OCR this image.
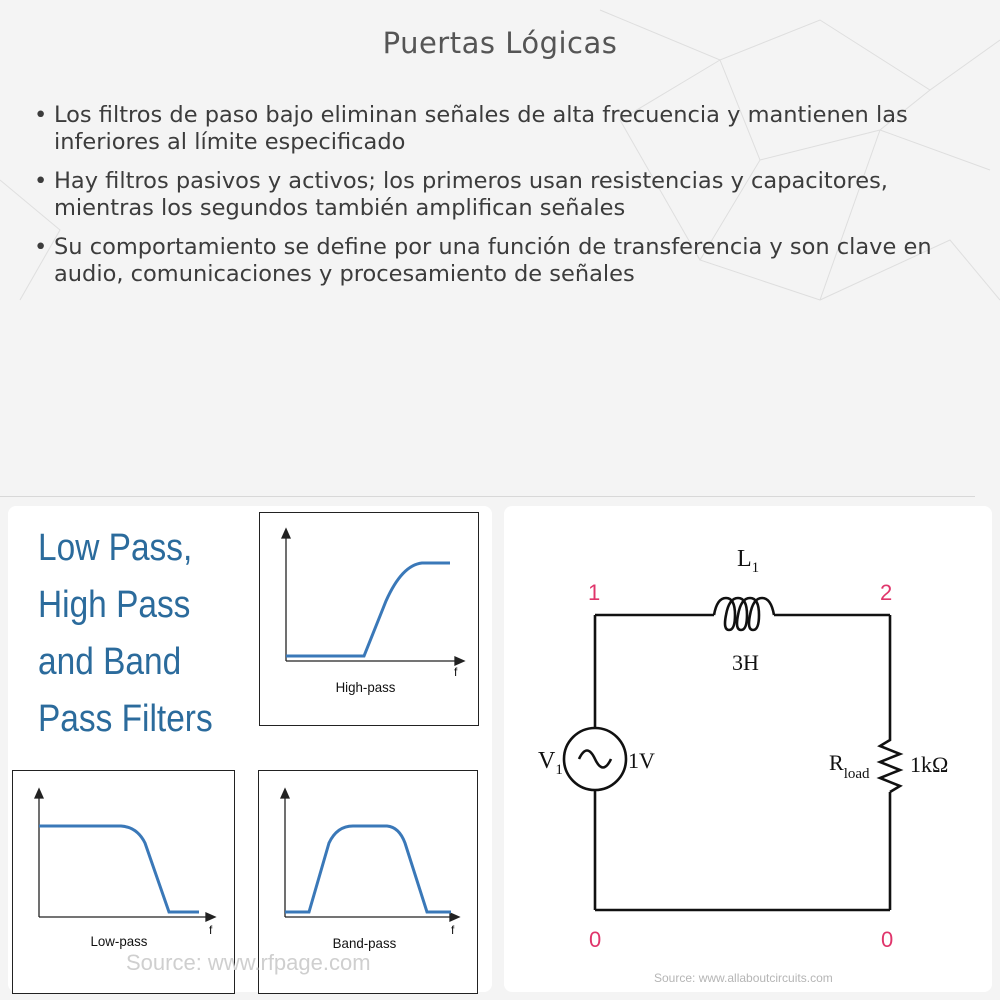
Puertas Lógicas
• Los filtros de paso bajo eliminan señales de alta frecuencia y mantienen las inferiores al límite especificado
• Hay filtros pasivos y activos; los primeros usan resistencias y capacitores, mientras los segundos también amplifican señales
• Su comportamiento se define por una función de transferencia y son clave en audio, comunicaciones y procesamiento de señales
Low Pass,
High Pass
and Band
Pass Filters
f
High-pass
f
Low-pass
f
Band-pass
Source: www.rfpage.com
$L_1$
3H
$V_1$	1V	$R_{load}$ 1kΩ
1	2
0	0
Source: www.allaboutcircuits.com
